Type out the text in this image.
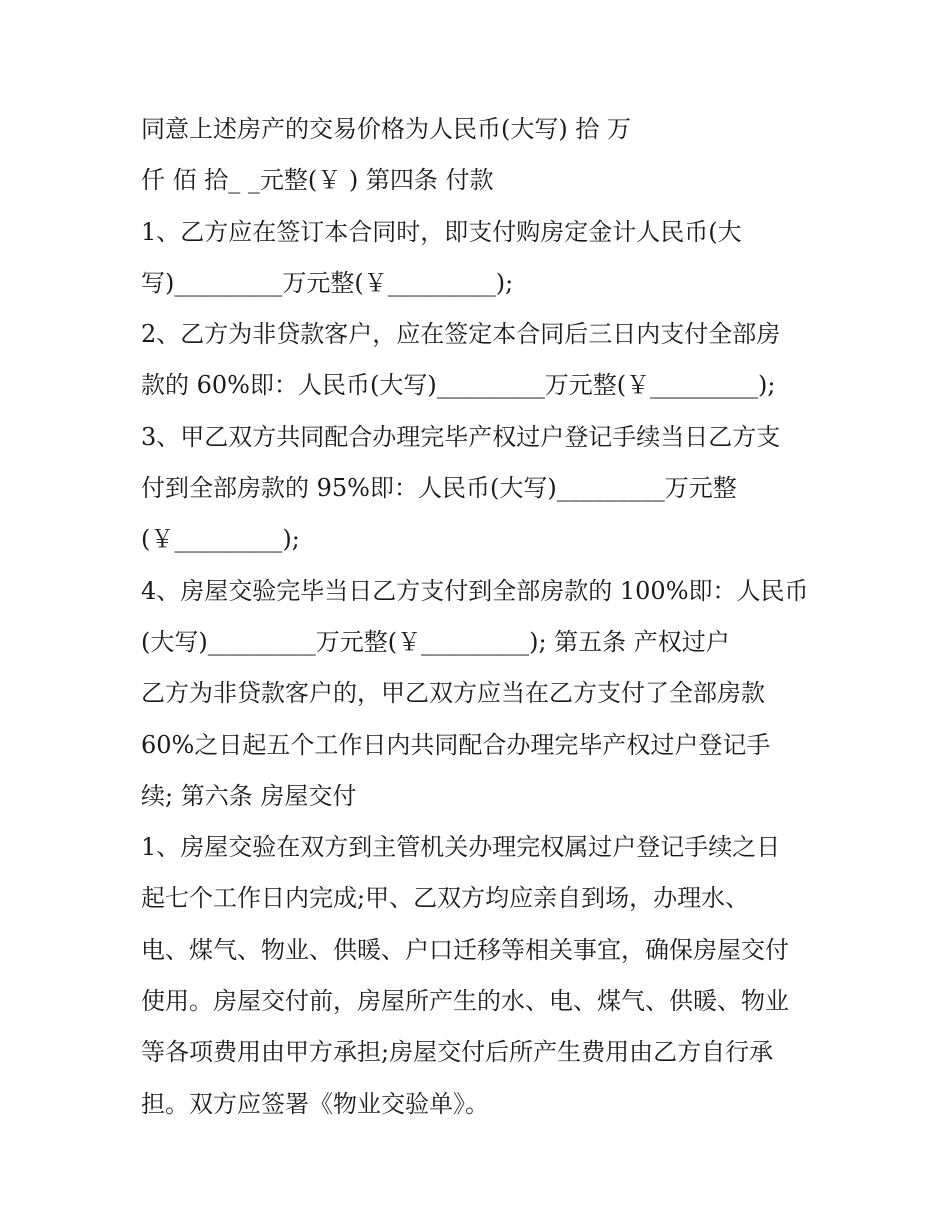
同意上述房产的交易价格为人民币(大写) 拾 万
仟 佰 拾_ _元整(￥ ) 第四条 付款
1、乙方应在签订本合同时，即支付购房定金计人民币(大
写)_________万元整(￥_________);
2、乙方为非贷款客户，应在签定本合同后三日内支付全部房
款的 60%即：人民币(大写)_________万元整(￥_________);
3、甲乙双方共同配合办理完毕产权过户登记手续当日乙方支
付到全部房款的 95%即：人民币(大写)_________万元整
(￥_________);
4、房屋交验完毕当日乙方支付到全部房款的 100%即：人民币
(大写)_________万元整(￥_________); 第五条 产权过户
乙方为非贷款客户的，甲乙双方应当在乙方支付了全部房款
60%之日起五个工作日内共同配合办理完毕产权过户登记手
续; 第六条 房屋交付
1、房屋交验在双方到主管机关办理完权属过户登记手续之日
起七个工作日内完成;甲、乙双方均应亲自到场，办理水、
电、煤气、物业、供暖、户口迁移等相关事宜，确保房屋交付
使用。房屋交付前，房屋所产生的水、电、煤气、供暖、物业
等各项费用由甲方承担;房屋交付后所产生费用由乙方自行承
担。双方应签署《物业交验单》。
